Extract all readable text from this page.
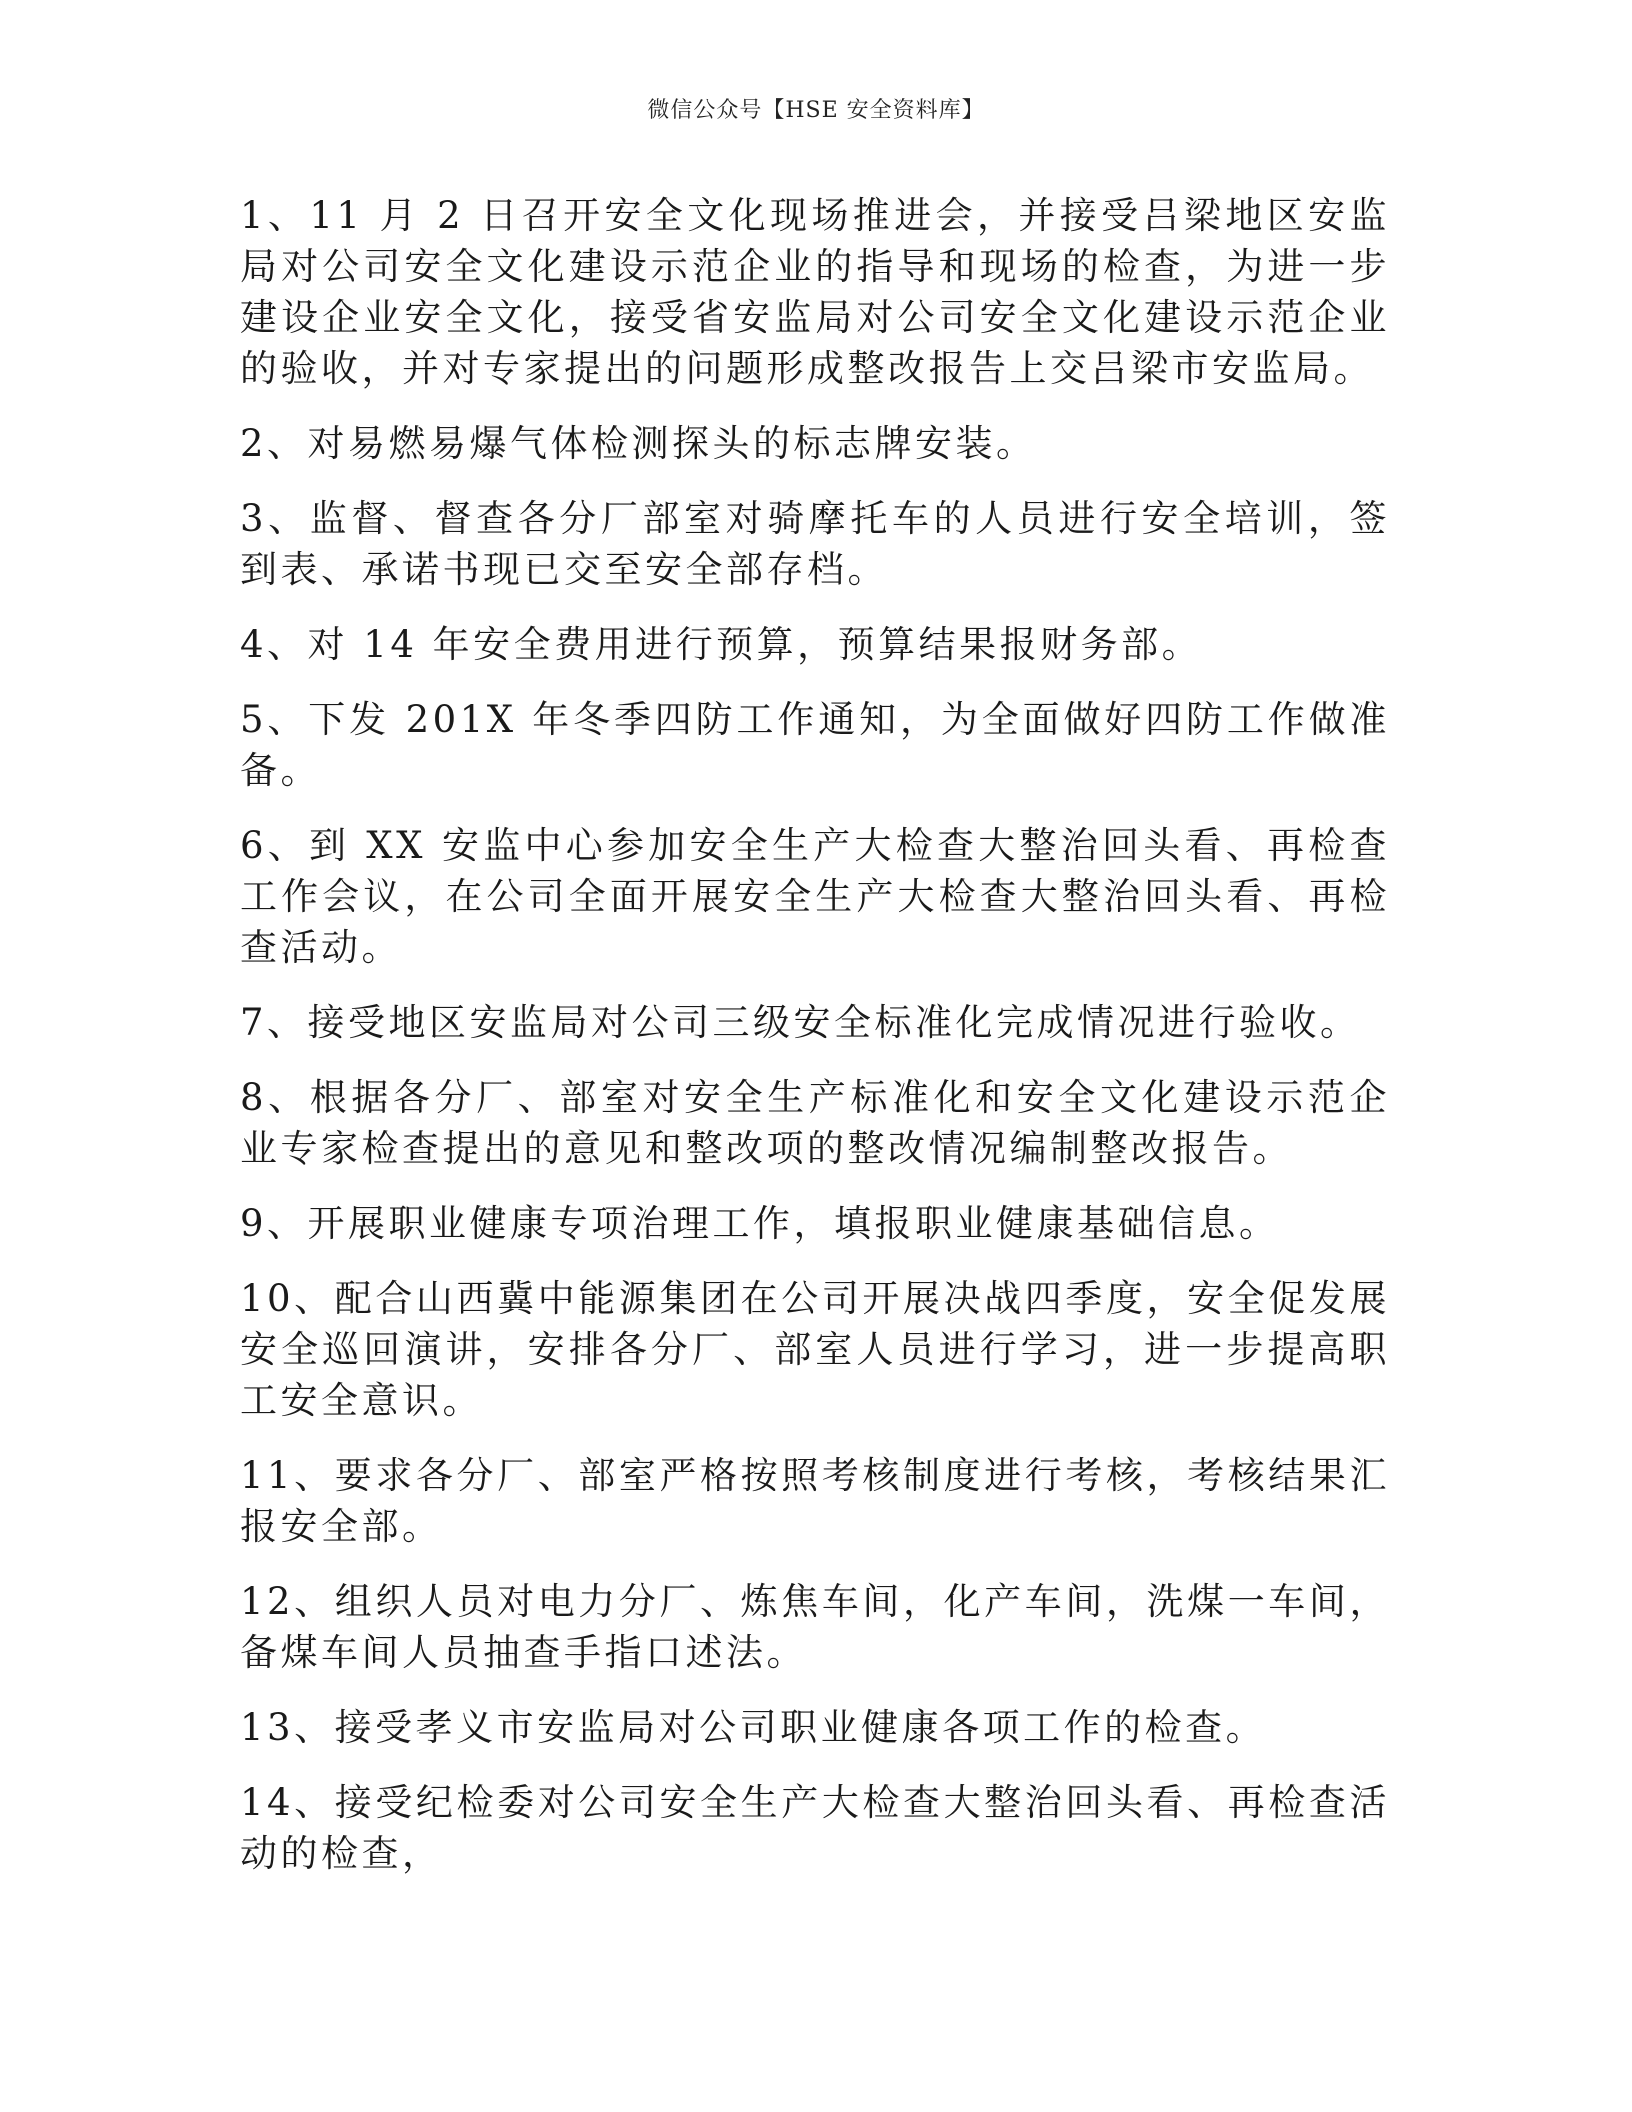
微信公众号【HSE 安全资料库】

1、11 月 2 日召开安全文化现场推进会，并接受吕梁地区安监局对公司安全文化建设示范企业的指导和现场的检查，为进一步建设企业安全文化，接受省安监局对公司安全文化建设示范企业的验收，并对专家提出的问题形成整改报告上交吕梁市安监局。

2、对易燃易爆气体检测探头的标志牌安装。

3、监督、督查各分厂部室对骑摩托车的人员进行安全培训，签到表、承诺书现已交至安全部存档。

4、对 14 年安全费用进行预算，预算结果报财务部。

5、下发 201X 年冬季四防工作通知，为全面做好四防工作做准备。

6、到 XX 安监中心参加安全生产大检查大整治回头看、再检查工作会议，在公司全面开展安全生产大检查大整治回头看、再检查活动。

7、接受地区安监局对公司三级安全标准化完成情况进行验收。

8、根据各分厂、部室对安全生产标准化和安全文化建设示范企业专家检查提出的意见和整改项的整改情况编制整改报告。

9、开展职业健康专项治理工作，填报职业健康基础信息。

10、配合山西冀中能源集团在公司开展决战四季度，安全促发展安全巡回演讲，安排各分厂、部室人员进行学习，进一步提高职工安全意识。

11、要求各分厂、部室严格按照考核制度进行考核，考核结果汇报安全部。

12、组织人员对电力分厂、炼焦车间，化产车间，洗煤一车间，备煤车间人员抽查手指口述法。

13、接受孝义市安监局对公司职业健康各项工作的检查。

14、接受纪检委对公司安全生产大检查大整治回头看、再检查活动的检查，
